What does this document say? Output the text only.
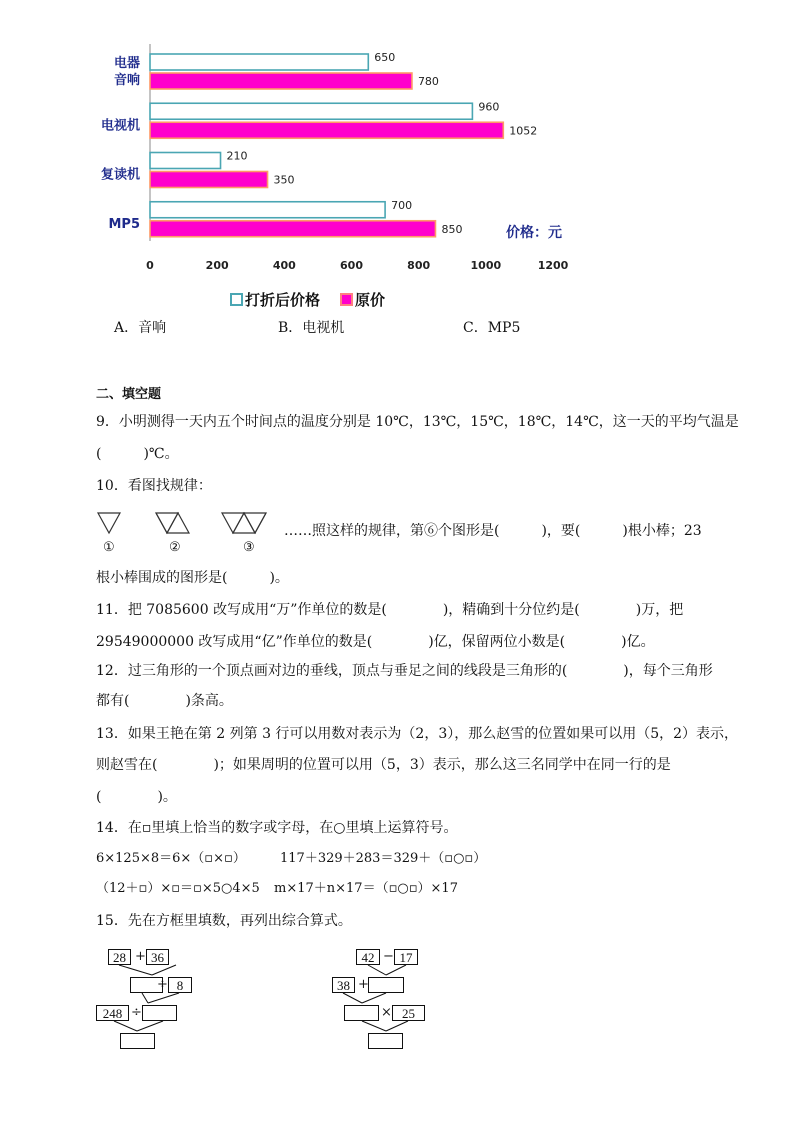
0	200	400	600	800	1000	1200
650
780
电器
音响
960
1052
电视机
210
350
复读机
700
850
MP5
价格：元
打折后价格 原价
A．音响	B．电视机	C．MP5
二、填空题
9．小明测得一天内五个时间点的温度分别是 10℃，13℃，15℃，18℃，14℃，这一天的平均气温是
(　　　)℃。
10．看图找规律：
①	②	③
……照这样的规律，第⑥个图形是(　　　)，要(　　　)根小棒；23
根小棒围成的图形是(　　　)。
11．把 7085600 改写成用“万”作单位的数是(　　　　)，精确到十分位约是(　　　　)万，把
29549000000 改写成用“亿”作单位的数是(　　　　)亿，保留两位小数是(　　　　)亿。
12．过三角形的一个顶点画对边的垂线，顶点与垂足之间的线段是三角形的(　　　　)，每个三角形
都有(　　　　)条高。
13．如果王艳在第 2 列第 3 行可以用数对表示为（2，3），那么赵雪的位置如果可以用（5，2）表示，
则赵雪在(　　　　)；如果周明的位置可以用（5，3）表示，那么这三名同学中在同一行的是
(　　　　)。
14．在▫里填上恰当的数字或字母，在○里填上运算符号。
6×125×8＝6×（▫×▫）	117＋329＋283＝329＋（▫○▫）
（12＋▫）×▫＝▫×5○4×5 m×17＋n×17＝（▫○▫）×17
15．先在方框里填数，再列出综合算式。
28 + 36
÷ 8
248 ÷
42 − 17
38 +
× 25
